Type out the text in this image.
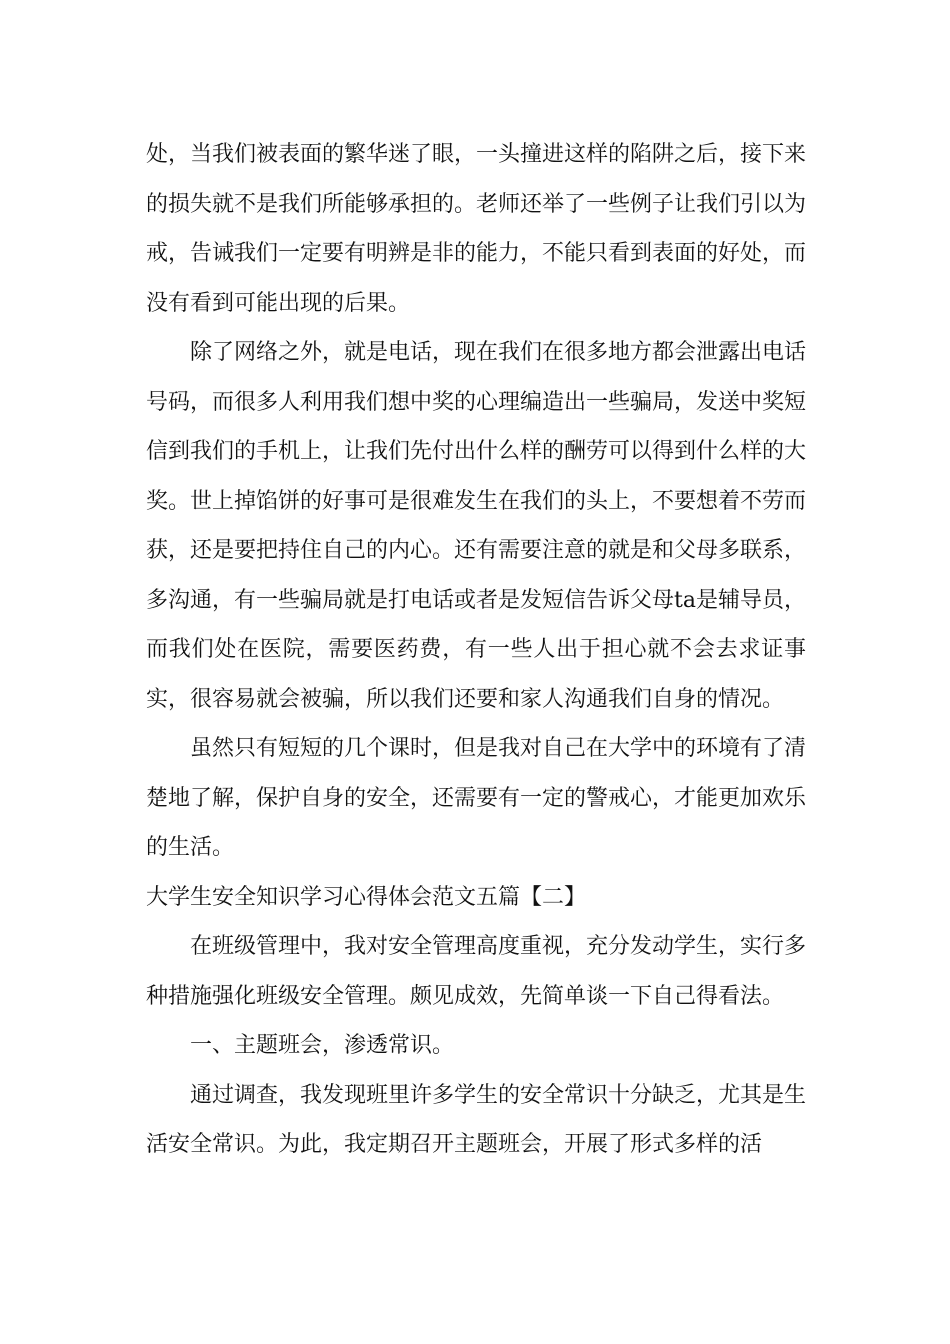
处，当我们被表面的繁华迷了眼，一头撞进这样的陷阱之后，接下来的损失就不是我们所能够承担的。老师还举了一些例子让我们引以为戒，告诫我们一定要有明辨是非的能力，不能只看到表面的好处，而没有看到可能出现的后果。

除了网络之外，就是电话，现在我们在很多地方都会泄露出电话号码，而很多人利用我们想中奖的心理编造出一些骗局，发送中奖短信到我们的手机上，让我们先付出什么样的酬劳可以得到什么样的大奖。世上掉馅饼的好事可是很难发生在我们的头上，不要想着不劳而获，还是要把持住自己的内心。还有需要注意的就是和父母多联系，多沟通，有一些骗局就是打电话或者是发短信告诉父母ta是辅导员，而我们处在医院，需要医药费，有一些人出于担心就不会去求证事实，很容易就会被骗，所以我们还要和家人沟通我们自身的情况。

虽然只有短短的几个课时，但是我对自己在大学中的环境有了清楚地了解，保护自身的安全，还需要有一定的警戒心，才能更加欢乐的生活。

大学生安全知识学习心得体会范文五篇【二】

在班级管理中，我对安全管理高度重视，充分发动学生，实行多种措施强化班级安全管理。颇见成效，先简单谈一下自己得看法。

一、主题班会，渗透常识。

通过调查，我发现班里许多学生的安全常识十分缺乏，尤其是生活安全常识。为此，我定期召开主题班会，开展了形式多样的活
